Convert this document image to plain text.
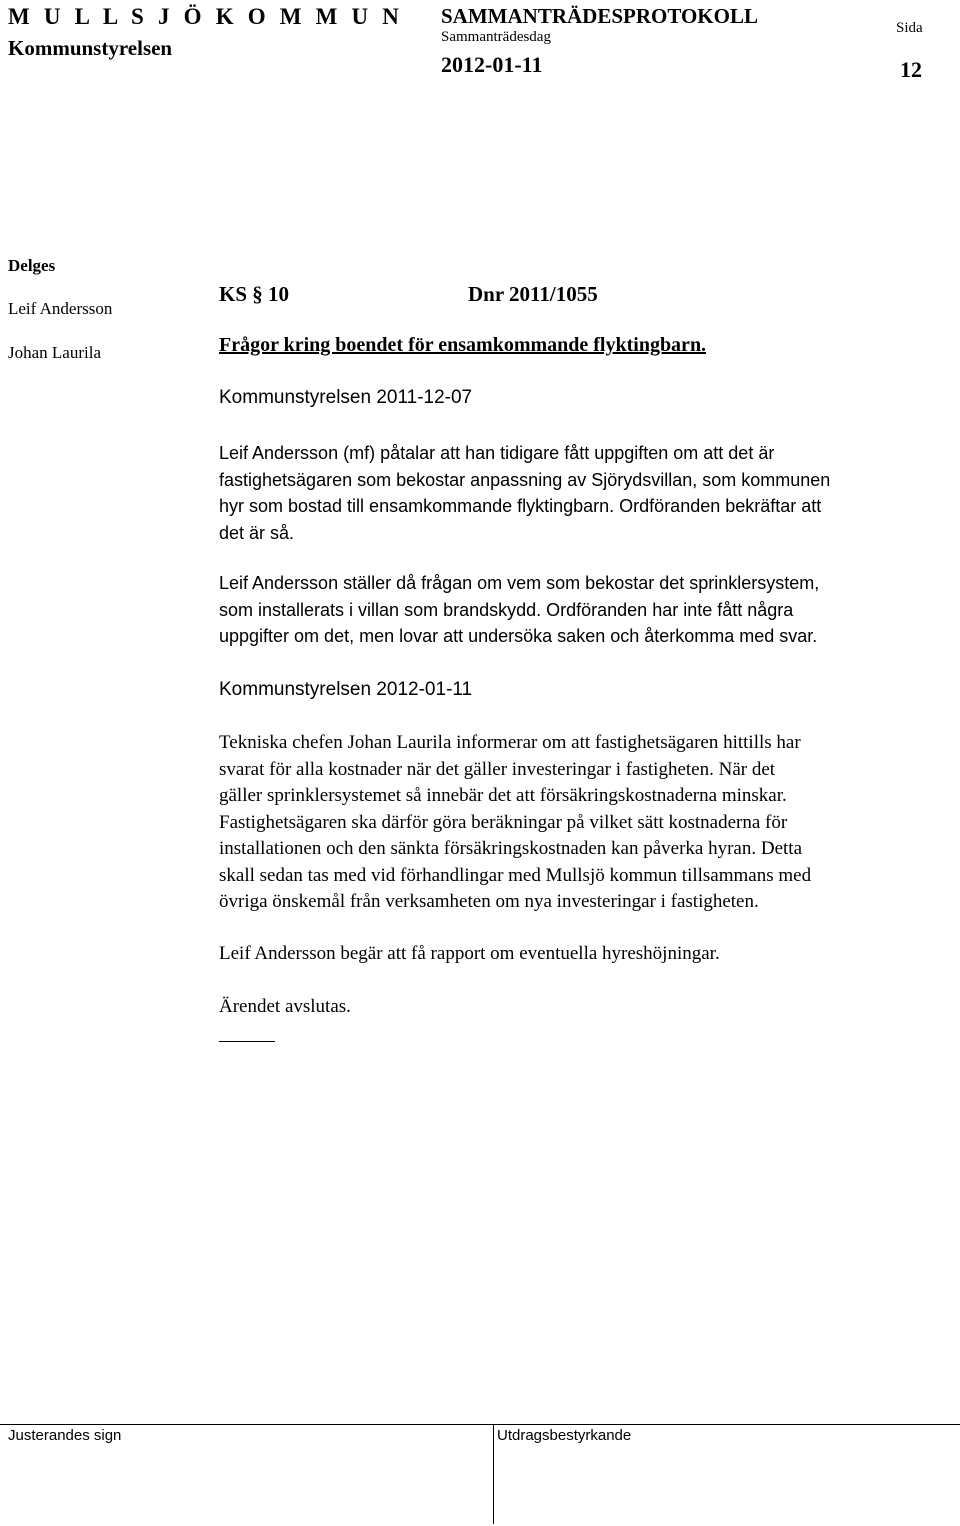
M U L L S J Ö K O M M U N
Kommunstyrelsen
SAMMANTRÄDESPROTOKOLL
Sammanträdesdag
2012-01-11
Sida
12
Delges
Leif Andersson
Johan Laurila
KS § 10	Dnr 2011/1055
Frågor kring boendet för ensamkommande flyktingbarn.
Kommunstyrelsen 2011-12-07
Leif Andersson (mf) påtalar att han tidigare fått uppgiften om att det är
fastighetsägaren som bekostar anpassning av Sjörydsvillan, som kommunen
hyr som bostad till ensamkommande flyktingbarn. Ordföranden bekräftar att
det är så.
Leif Andersson ställer då frågan om vem som bekostar det sprinklersystem,
som installerats i villan som brandskydd. Ordföranden har inte fått några
uppgifter om det, men lovar att undersöka saken och återkomma med svar.
Kommunstyrelsen 2012-01-11
Tekniska chefen Johan Laurila informerar om att fastighetsägaren hittills har
svarat för alla kostnader när det gäller investeringar i fastigheten. När det
gäller sprinklersystemet så innebär det att försäkringskostnaderna minskar.
Fastighetsägaren ska därför göra beräkningar på vilket sätt kostnaderna för
installationen och den sänkta försäkringskostnaden kan påverka hyran. Detta
skall sedan tas med vid förhandlingar med Mullsjö kommun tillsammans med
övriga önskemål från verksamheten om nya investeringar i fastigheten.
Leif Andersson begär att få rapport om eventuella hyreshöjningar.
Ärendet avslutas.
Justerandes sign	Utdragsbestyrkande
